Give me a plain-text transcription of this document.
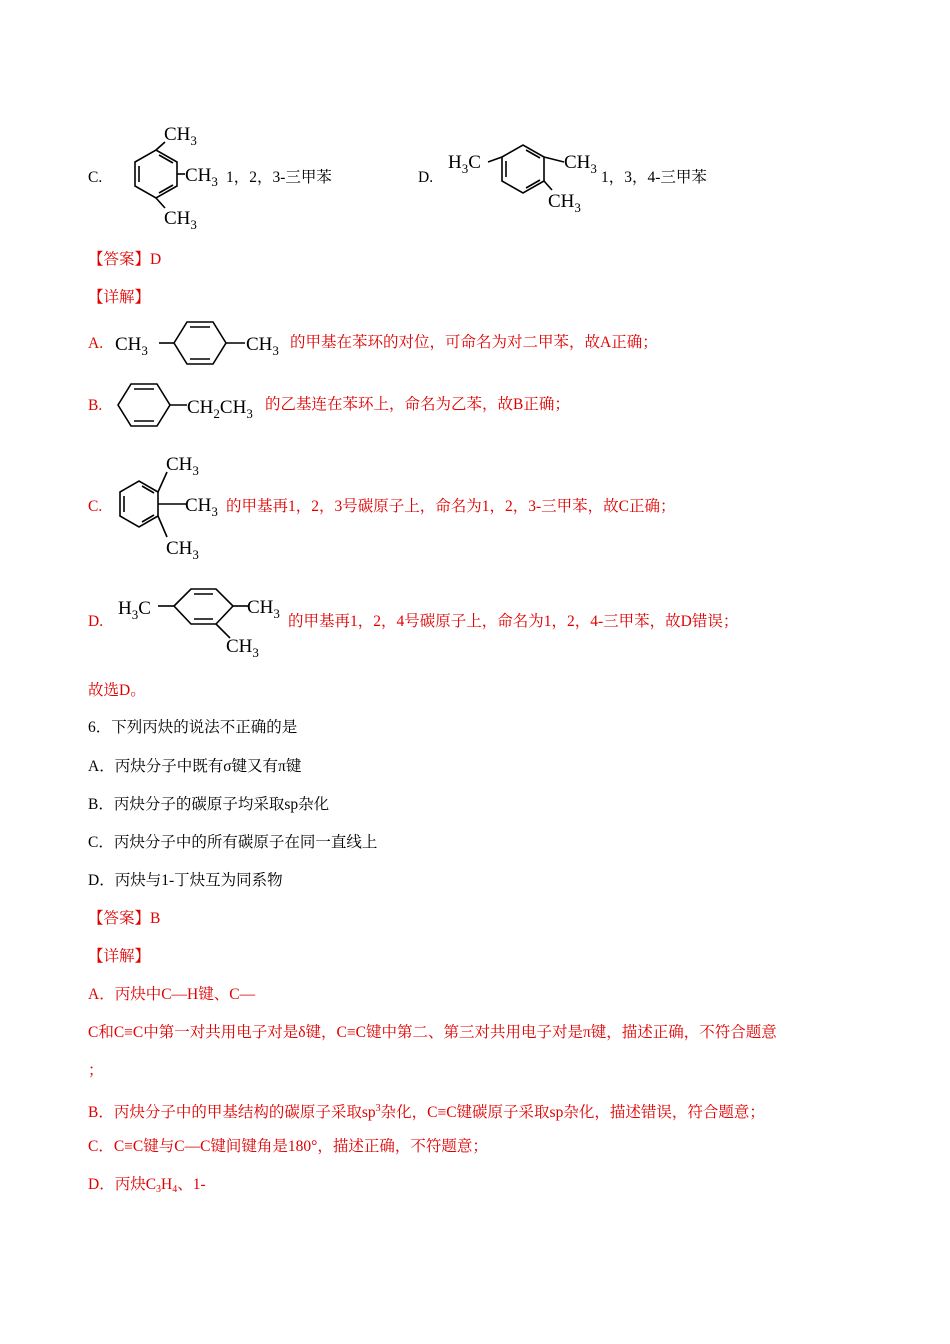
C.
$CH_3$
$CH_3$
$CH_3$
1，2，3-三甲苯	D.
$H_3C$	$CH_3$
$CH_3$
1，3，4-三甲苯
【答案】D
【详解】
A. $CH_3$	$CH_3$ 的甲基在苯环的对位，可命名为对二甲苯，故A正确；
B.	$CH_2CH_3$
的乙基连在苯环上，命名为乙苯，故B正确；
C.
$CH_3$
$CH_3$
$CH_3$
的甲基再1，2，3号碳原子上，命名为1，2，3-三甲苯，故C正确；
D.
$H_3C$	$CH_3$
$CH_3$
的甲基再1，2，4号碳原子上，命名为1，2，4-三甲苯，故D错误；
故选D。
6．下列丙炔的说法不正确的是
A．丙炔分子中既有σ键又有π键
B．丙炔分子的碳原子均采取sp杂化
C．丙炔分子中的所有碳原子在同一直线上
D．丙炔与1-丁炔互为同系物
【答案】B
【详解】
A．丙炔中C—H键、C—
C和C≡C中第一对共用电子对是δ键，C≡C键中第二、第三对共用电子对是π键，描述正确，不符合题意
；
B．丙炔分子中的甲基结构的碳原子采取$sp^3$杂化，C≡C键碳原子采取sp杂化，描述错误，符合题意；
C．C≡C键与C—C键间键角是180°，描述正确，不符题意；
D．丙炔$C_3H_4$、1-
